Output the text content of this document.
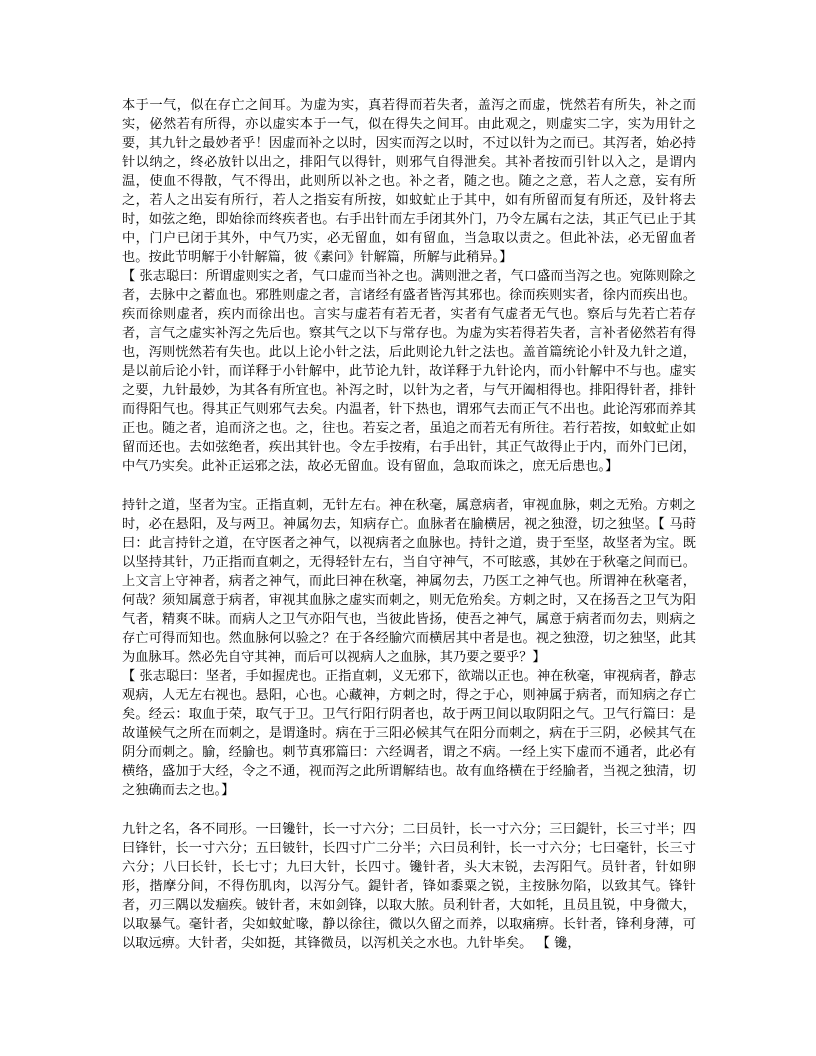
本于一气，似在存亡之间耳。为虚为实，真若得而若失者，盖泻之而虚，恍然若有所失，补之而实，佖然若有所得，亦以虚实本于一气，似在得失之间耳。由此观之，则虚实二字，实为用针之要，其九针之最妙者乎！因虚而补之以时，因实而泻之以时，不过以针为之而已。其泻者，始必持针以纳之，终必放针以出之，排阳气以得针，则邪气自得泄矣。其补者按而引针以入之，是谓内温，使血不得散，气不得出，此则所以补之也。补之者，随之也。随之之意，若人之意，妄有所之，若人之出妄有所行，若人之指妄有所按，如蚊虻止于其中，如有所留而复有所还，及针将去时，如弦之绝，即始徐而终疾者也。右手出针而左手闭其外门，乃令左属右之法，其正气已止于其中，门户已闭于其外，中气乃实，必无留血，如有留血，当急取以责之。但此补法，必无留血者也。按此节明解于小针解篇，彼《素问》针解篇，所解与此稍异。】

【 张志聪曰：所谓虚则实之者，气口虚而当补之也。满则泄之者，气口盛而当泻之也。宛陈则除之者，去脉中之蓄血也。邪胜则虚之者，言诸经有盛者皆泻其邪也。徐而疾则实者，徐内而疾出也。疾而徐则虚者，疾内而徐出也。言实与虚若有若无者，实者有气虚者无气也。察后与先若亡若存者，言气之虚实补泻之先后也。察其气之以下与常存也。为虚为实若得若失者，言补者佖然若有得也，泻则恍然若有失也。此以上论小针之法，后此则论九针之法也。盖首篇统论小针及九针之道，是以前后论小针，而详释于小针解中，此节论九针，故详释于九针论内，而小针解中不与也。虚实之要，九针最妙，为其各有所宜也。补泻之时，以针为之者，与气开阖相得也。排阳得针者，排针而得阳气也。得其正气则邪气去矣。内温者，针下热也，谓邪气去而正气不出也。此论泻邪而养其正也。随之者，追而济之也。之，往也。若妄之者，虽追之而若无有所往。若行若按，如蚊虻止如留而还也。去如弦绝者，疾出其针也。令左手按痏，右手出针，其正气故得止于内，而外门已闭，中气乃实矣。此补正运邪之法，故必无留血。设有留血，急取而诛之，庶无后患也。】

持针之道，坚者为宝。正指直刺，无针左右。神在秋毫，属意病者，审视血脉，刺之无殆。方刺之时，必在悬阳，及与两卫。神属勿去，知病存亡。血脉者在腧横居，视之独澄，切之独坚。【 马莳曰：此言持针之道，在守医者之神气，以视病者之血脉也。持针之道，贵于至坚，故坚者为宝。既以坚持其针，乃正指而直刺之，无得轻针左右，当自守神气，不可眩惑，其妙在于秋毫之间而已。上文言上守神者，病者之神气，而此曰神在秋毫，神属勿去，乃医工之神气也。所谓神在秋毫者，何哉？须知属意于病者，审视其血脉之虚实而刺之，则无危殆矣。方刺之时，又在扬吾之卫气为阳气者，精爽不昧。而病人之卫气亦阳气也，当彼此皆扬，使吾之神气，属意于病者而勿去，则病之存亡可得而知也。然血脉何以验之？在于各经腧穴而横居其中者是也。视之独澄，切之独坚，此其为血脉耳。然必先自守其神，而后可以视病人之血脉，其乃要之要乎？】

【 张志聪曰：坚者，手如握虎也。正指直刺，义无邪下，欲端以正也。神在秋毫，审视病者，静志观病，人无左右视也。悬阳，心也。心藏神，方刺之时，得之于心，则神属于病者，而知病之存亡矣。经云：取血于荣，取气于卫。卫气行阳行阴者也，故于两卫间以取阴阳之气。卫气行篇曰：是故谨候气之所在而刺之，是谓逢时。病在于三阳必候其气在阳分而刺之，病在于三阴，必候其气在阴分而刺之。腧，经腧也。刺节真邪篇曰：六经调者，谓之不病。一经上实下虚而不通者，此必有横络，盛加于大经，令之不通，视而泻之此所谓解结也。故有血络横在于经腧者，当视之独清，切之独确而去之也。】

九针之名，各不同形。一曰镵针，长一寸六分；二曰员针，长一寸六分；三曰鍉针，长三寸半；四曰锋针，长一寸六分；五曰铍针，长四寸广二分半；六曰员利针，长一寸六分；七曰毫针，长三寸六分；八曰长针，长七寸；九曰大针，长四寸。镵针者，头大末锐，去泻阳气。员针者，针如卵形，揩摩分间，不得伤肌肉，以泻分气。鍉针者，锋如黍粟之锐，主按脉勿陷，以致其气。锋针者，刃三隅以发痼疾。铍针者，末如剑锋，以取大脓。员利针者，大如牦，且员且锐，中身微大，以取暴气。毫针者，尖如蚊虻喙，静以徐往，微以久留之而养，以取痛痹。长针者，锋利身薄，可以取远痹。大针者，尖如挺，其锋微员，以泻机关之水也。九针毕矣。 【 镵，
